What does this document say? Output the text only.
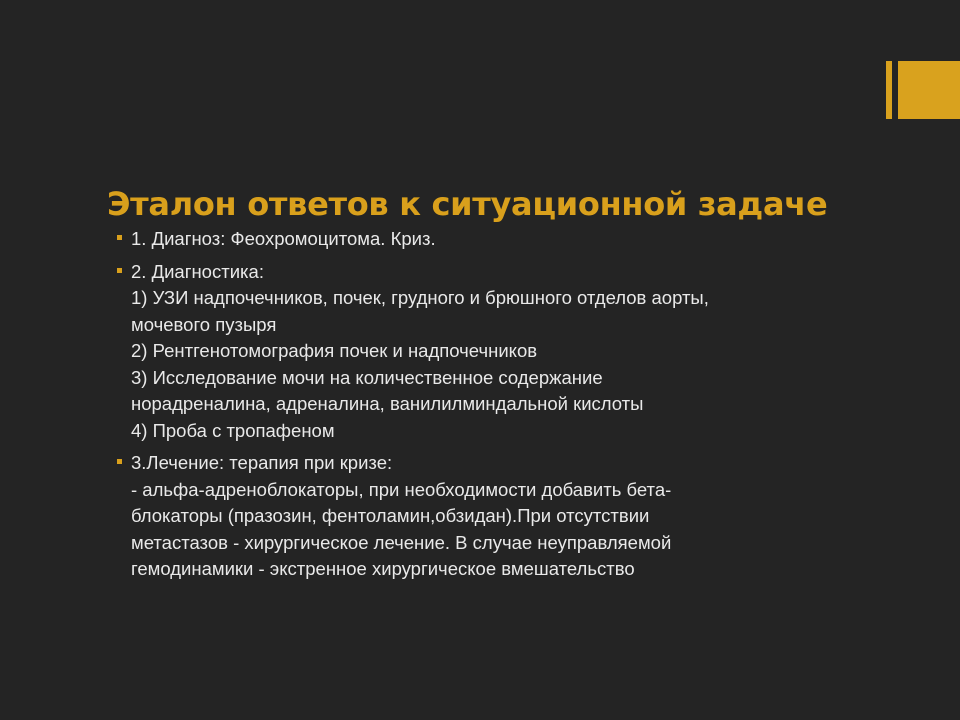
Эталон ответов к ситуационной задаче
1. Диагноз: Феохромоцитома. Криз.
2. Диагностика:
1) УЗИ надпочечников, почек, грудного и брюшного отделов аорты,
мочевого пузыря
2) Рентгенотомография почек и надпочечников
3) Исследование мочи на количественное содержание
норадреналина, адреналина, ванилилминдальной кислоты
4) Проба с тропафеном
3.Лечение: терапия при кризе:
- альфа-адреноблокаторы, при необходимости добавить бета-
блокаторы (празозин, фентоламин,обзидан).При отсутствии
метастазов - хирургическое лечение. В случае неуправляемой
гемодинамики - экстренное хирургическое вмешательство
